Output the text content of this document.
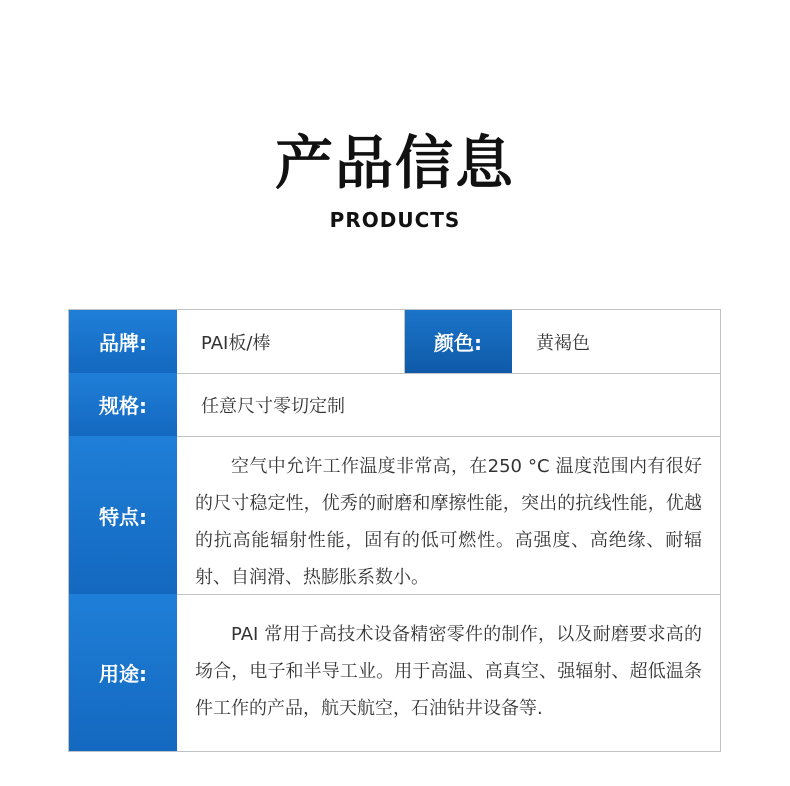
产品信息
PRODUCTS
品牌:	PAI板/棒	颜色:	黄褐色
规格:	任意尺寸零切定制
特点:
空气中允许工作温度非常高，在250 °C 温度范围内有很好的尺寸稳定性，优秀的耐磨和摩擦性能，突出的抗线性能，优越的抗高能辐射性能，固有的低可燃性。高强度、高绝缘、耐辐射、自润滑、热膨胀系数小。
用途:
PAI 常用于高技术设备精密零件的制作，以及耐磨要求高的场合，电子和半导工业。用于高温、高真空、强辐射、超低温条件工作的产品，航天航空，石油钻井设备等.
